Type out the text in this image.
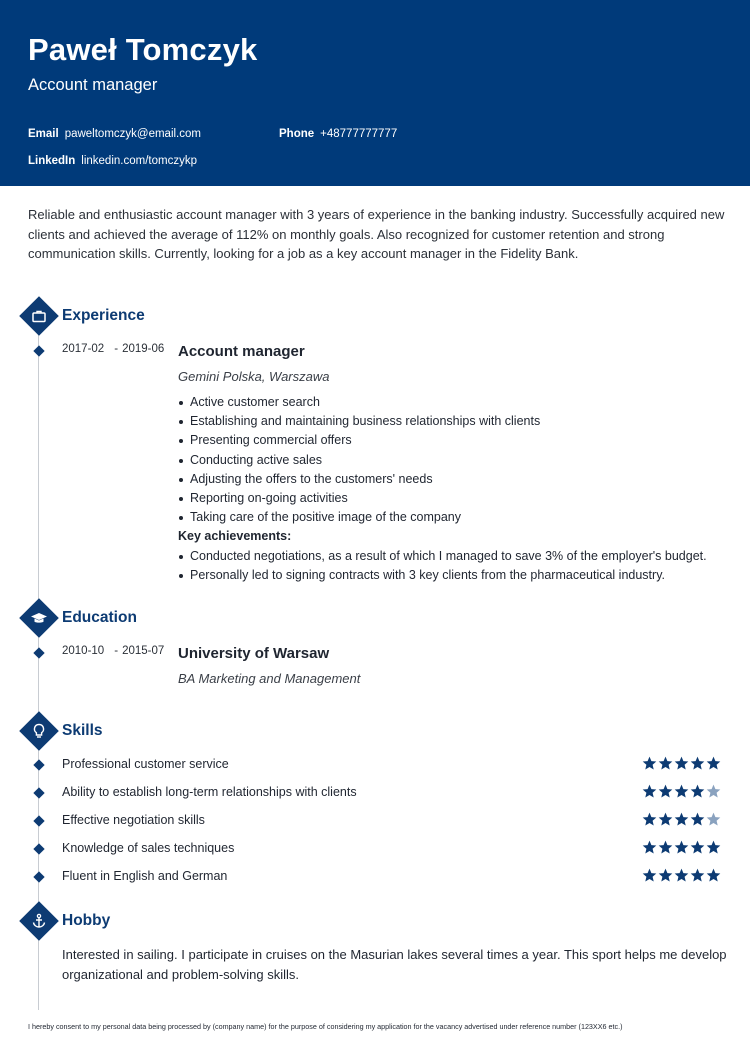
Paweł Tomczyk
Account manager
Email paweltomczyk@email.com	Phone +48777777777
LinkedIn linkedin.com/tomczykp
Reliable and enthusiastic account manager with 3 years of experience in the banking industry. Successfully acquired new clients and achieved the average of 112% on monthly goals. Also recognized for customer retention and strong communication skills. Currently, looking for a job as a key account manager in the Fidelity Bank.
Experience
2017-02 - 2019-06 Account manager
Gemini Polska, Warszawa
Active customer search
Establishing and maintaining business relationships with clients
Presenting commercial offers
Conducting active sales
Adjusting the offers to the customers' needs
Reporting on-going activities
Taking care of the positive image of the company
Key achievements:
Conducted negotiations, as a result of which I managed to save 3% of the employer's budget.
Personally led to signing contracts with 3 key clients from the pharmaceutical industry.
Education
2010-10 - 2015-07 University of Warsaw
BA Marketing and Management
Skills
Professional customer service
Ability to establish long-term relationships with clients
Effective negotiation skills
Knowledge of sales techniques
Fluent in English and German
Hobby
Interested in sailing. I participate in cruises on the Masurian lakes several times a year. This sport helps me develop organizational and problem-solving skills.
I hereby consent to my personal data being processed by (company name) for the purpose of considering my application for the vacancy advertised under reference number (123XX6 etc.)
